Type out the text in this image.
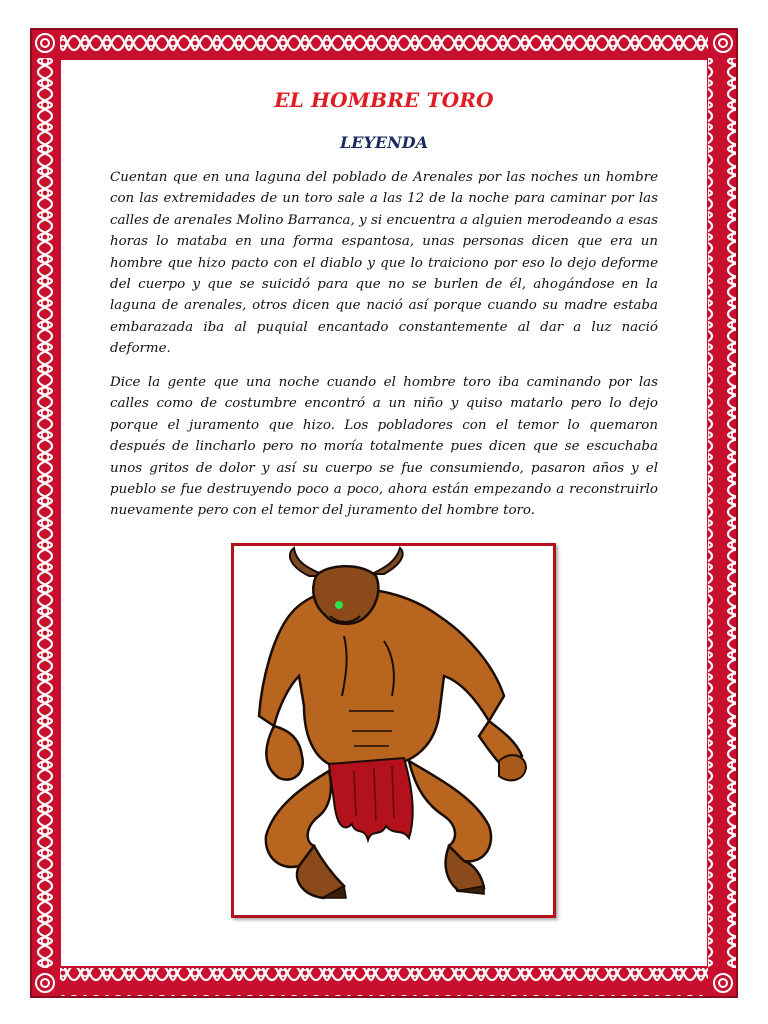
EL HOMBRE TORO
LEYENDA

Cuentan que en una laguna del poblado de Arenales por las noches un hombre con las extremidades de un toro sale a las 12 de la noche para caminar por las calles de arenales Molino Barranca, y si encuentra a alguien merodeando a esas horas lo mataba en una forma espantosa, unas personas dicen que era un hombre que hizo pacto con el diablo y que lo traiciono por eso lo dejo deforme del cuerpo y que se suicidó para que no se burlen de él, ahogándose en la laguna de arenales, otros dicen que nació así porque cuando su madre estaba embarazada iba al puquial encantado constantemente al dar a luz nació deforme.

Dice la gente que una noche cuando el hombre toro iba caminando por las calles como de costumbre encontró a un niño y quiso matarlo pero lo dejo porque el juramento que hizo. Los pobladores con el temor lo quemaron después de lincharlo pero no moría totalmente pues dicen que se escuchaba unos gritos de dolor y así su cuerpo se fue consumiendo, pasaron años y el pueblo se fue destruyendo poco a poco, ahora están empezando a reconstruirlo nuevamente pero con el temor del juramento del hombre toro.
